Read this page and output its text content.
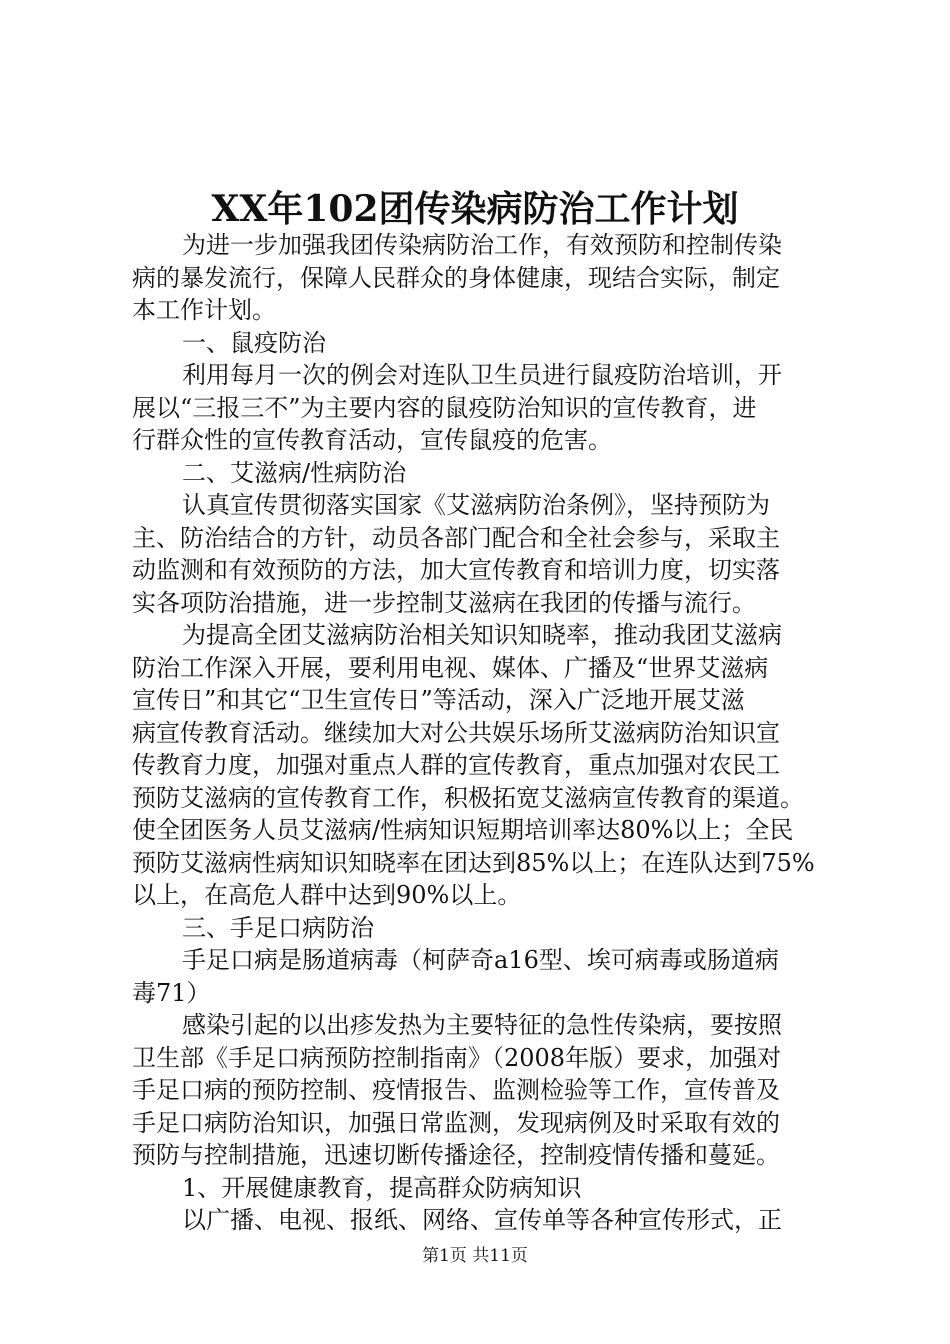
XX年102团传染病防治工作计划
为进一步加强我团传染病防治工作，有效预防和控制传染
病的暴发流行，保障人民群众的身体健康，现结合实际，制定
本工作计划。
一、鼠疫防治
利用每月一次的例会对连队卫生员进行鼠疫防治培训，开
展以“三报三不”为主要内容的鼠疫防治知识的宣传教育，进
行群众性的宣传教育活动，宣传鼠疫的危害。
二、艾滋病/性病防治
认真宣传贯彻落实国家《艾滋病防治条例》，坚持预防为
主、防治结合的方针，动员各部门配合和全社会参与，采取主
动监测和有效预防的方法，加大宣传教育和培训力度，切实落
实各项防治措施，进一步控制艾滋病在我团的传播与流行。
为提高全团艾滋病防治相关知识知晓率，推动我团艾滋病
防治工作深入开展，要利用电视、媒体、广播及“世界艾滋病
宣传日”和其它“卫生宣传日”等活动，深入广泛地开展艾滋
病宣传教育活动。继续加大对公共娱乐场所艾滋病防治知识宣
传教育力度，加强对重点人群的宣传教育，重点加强对农民工
预防艾滋病的宣传教育工作，积极拓宽艾滋病宣传教育的渠道。
使全团医务人员艾滋病/性病知识短期培训率达80%以上；全民
预防艾滋病性病知识知晓率在团达到85%以上；在连队达到75%
以上，在高危人群中达到90%以上。
三、手足口病防治
手足口病是肠道病毒（柯萨奇a16型、埃可病毒或肠道病
毒71）
感染引起的以出疹发热为主要特征的急性传染病，要按照
卫生部《手足口病预防控制指南》（2008年版）要求，加强对
手足口病的预防控制、疫情报告、监测检验等工作，宣传普及
手足口病防治知识，加强日常监测，发现病例及时采取有效的
预防与控制措施，迅速切断传播途径，控制疫情传播和蔓延。
1、开展健康教育，提高群众防病知识
以广播、电视、报纸、网络、宣传单等各种宣传形式，正
第1页 共11页
